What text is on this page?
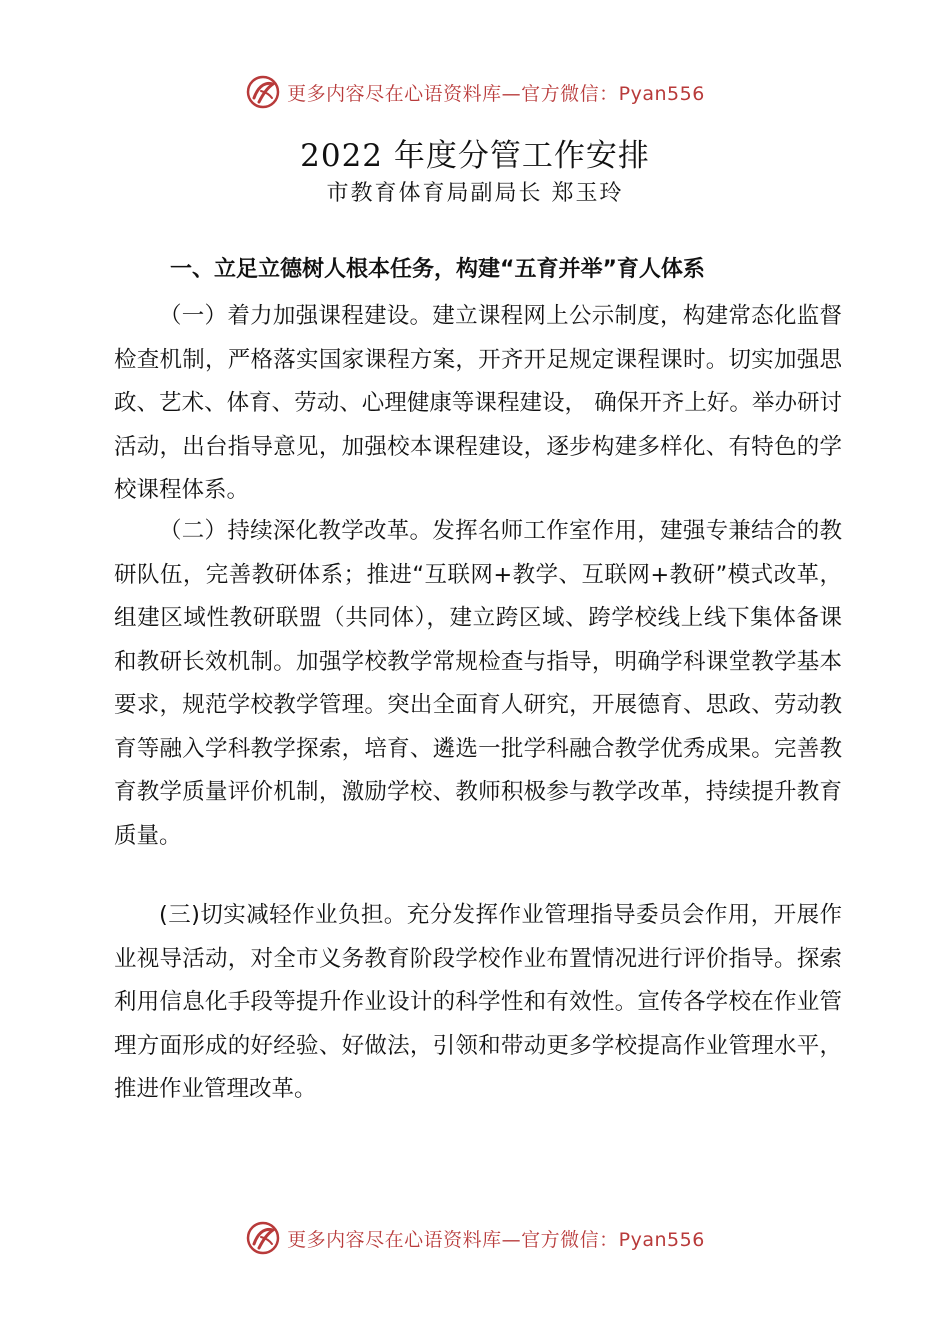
更多内容尽在心语资料库—官方微信：Pyan556
2022 年度分管工作安排
市教育体育局副局长 郑玉玲
一、立足立德树人根本任务，构建“五育并举”育人体系

（一）着力加强课程建设。建立课程网上公示制度，构建常态化监督检查机制，严格落实国家课程方案，开齐开足规定课程课时。切实加强思政、艺术、体育、劳动、心理健康等课程建设， 确保开齐上好。举办研讨活动，出台指导意见，加强校本课程建设，逐步构建多样化、有特色的学校课程体系。

（二）持续深化教学改革。发挥名师工作室作用，建强专兼结合的教研队伍，完善教研体系；推进“互联网+教学、互联网+教研”模式改革，组建区域性教研联盟（共同体），建立跨区域、跨学校线上线下集体备课和教研长效机制。加强学校教学常规检查与指导，明确学科课堂教学基本要求，规范学校教学管理。突出全面育人研究，开展德育、思政、劳动教育等融入学科教学探索，培育、遴选一批学科融合教学优秀成果。完善教育教学质量评价机制，激励学校、教师积极参与教学改革，持续提升教育质量。

(三)切实减轻作业负担。充分发挥作业管理指导委员会作用，开展作业视导活动，对全市义务教育阶段学校作业布置情况进行评价指导。探索利用信息化手段等提升作业设计的科学性和有效性。宣传各学校在作业管理方面形成的好经验、好做法，引领和带动更多学校提高作业管理水平，推进作业管理改革。

更多内容尽在心语资料库—官方微信：Pyan556
